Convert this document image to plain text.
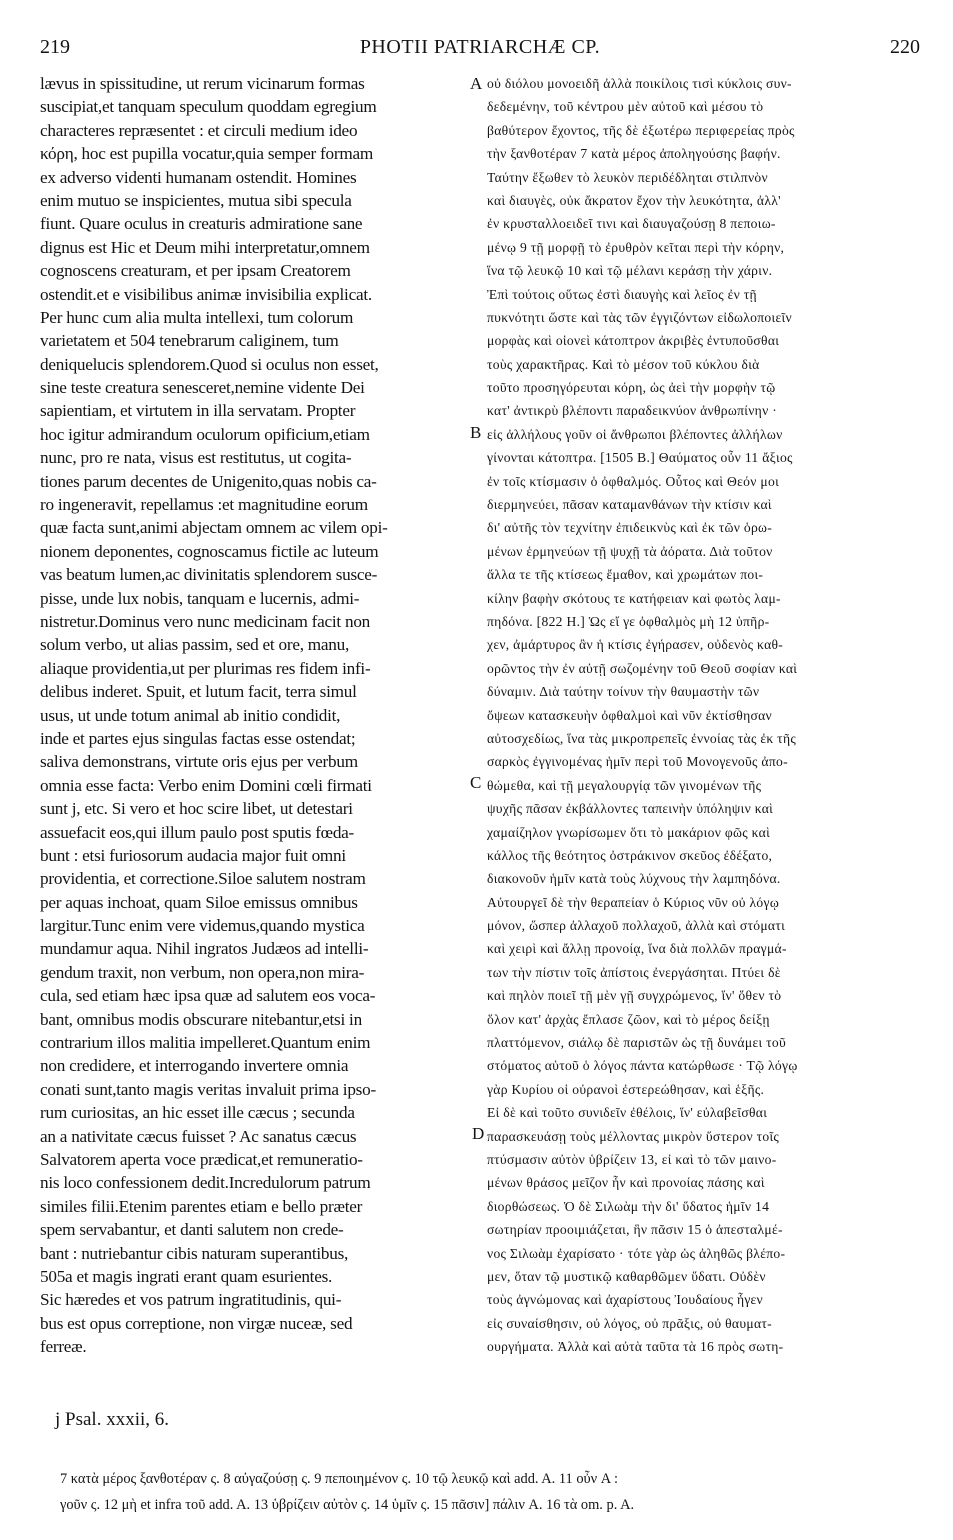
219	PHOTII PATRIARCHÆ CP.	220
lævus in spissitudine, ut rerum vicinarum formas
suscipiat,et tanquam speculum quoddam egregium
characteres repræsentet : et circuli medium ideo
κόρη, hoc est pupilla vocatur,quia semper formam
ex adverso videnti humanam ostendit. Homines
enim mutuo se inspicientes, mutua sibi specula
fiunt. Quare oculus in creaturis admiratione sane
dignus est Hic et Deum mihi interpretatur,omnem
cognoscens creaturam, et per ipsam Creatorem
ostendit.et e visibilibus animæ invisibilia explicat.
Per hunc cum alia multa intellexi, tum colorum
varietatem et 504 tenebrarum caliginem, tum
deniquelucis splendorem.Quod si oculus non esset,
sine teste creatura senesceret,nemine vidente Dei
sapientiam, et virtutem in illa servatam. Propter
hoc igitur admirandum oculorum opificium,etiam
nunc, pro re nata, visus est restitutus, ut cogita-
tiones parum decentes de Unigenito,quas nobis ca-
ro ingeneravit, repellamus :et magnitudine eorum
quæ facta sunt,animi abjectam omnem ac vilem opi-
nionem deponentes, cognoscamus fictile ac luteum
vas beatum lumen,ac divinitatis splendorem susce-
pisse, unde lux nobis, tanquam e lucernis, admi-
nistretur.Dominus vero nunc medicinam facit non
solum verbo, ut alias passim, sed et ore, manu,
aliaque providentia,ut per plurimas res fidem infi-
delibus inderet. Spuit, et lutum facit, terra simul
usus, ut unde totum animal ab initio condidit,
inde et partes ejus singulas factas esse ostendat;
saliva demonstrans, virtute oris ejus per verbum
omnia esse facta: Verbo enim Domini cœli firmati
sunt j, etc. Si vero et hoc scire libet, ut detestari
assuefacit eos,qui illum paulo post sputis fœda-
bunt : etsi furiosorum audacia major fuit omni
providentia, et correctione.Siloe salutem nostram
per aquas inchoat, quam Siloe emissus omnibus
largitur.Tunc enim vere videmus,quando mystica
mundamur aqua. Nihil ingratos Judæos ad intelli-
gendum traxit, non verbum, non opera,non mira-
cula, sed etiam hæc ipsa quæ ad salutem eos voca-
bant, omnibus modis obscurare nitebantur,etsi in
contrarium illos malitia impelleret.Quantum enim
non credidere, et interrogando invertere omnia
conati sunt,tanto magis veritas invaluit prima ipso-
rum curiositas, an hic esset ille cæcus ; secunda
an a nativitate cæcus fuisset ? Ac sanatus cæcus
Salvatorem aperta voce prædicat,et remuneratio-
nis loco confessionem dedit.Incredulorum patrum
similes filii.Etenim parentes etiam e bello præter
spem servabantur, et danti salutem non crede-
bant : nutriebantur cibis naturam superantibus,
505a et magis ingrati erant quam esurientes.
Sic hæredes et vos patrum ingratitudinis, qui-
bus est opus correptione, non virgæ nuceæ, sed
ferreæ.
οὐ διόλου μονοειδῆ ἀλλὰ ποικίλοις τισὶ κύκλοις συν-
δεδεμένην, τοῦ κέντρου μὲν αὐτοῦ καὶ μέσου τὸ
βαθύτερον ἔχοντος, τῆς δὲ ἐξωτέρω περιφερείας πρὸς
τὴν ξανθοτέραν 7 κατὰ μέρος ἀποληγούσης βαφήν.
Ταύτην ἔξωθεν τὸ λευκὸν περιδέδληται στιλπνὸν
καὶ διαυγὲς, οὐκ ἄκρατον ἔχον τὴν λευκότητα, ἀλλ'
ἐν κρυσταλλοειδεῖ τινι καὶ διαυγαζούσῃ 8 πεποιω-
μένῳ 9 τῇ μορφῇ τὸ ἐρυθρὸν κεῖται περὶ τὴν κόρην,
ἵνα τῷ λευκῷ 10 καὶ τῷ μέλανι κεράσῃ τὴν χάριν.
Ἐπὶ τούτοις οὕτως ἐστὶ διαυγὴς καὶ λεῖος ἐν τῇ
πυκνότητι ὥστε καὶ τὰς τῶν ἐγγιζόντων εἰδωλοποιεῖν
μορφὰς καὶ οἱονεὶ κάτοπτρον ἀκριβὲς ἐντυποῦσθαι
τοὺς χαρακτῆρας. Καὶ τὸ μέσον τοῦ κύκλου διὰ
τοῦτο προσηγόρευται κόρη, ὡς ἀεὶ τὴν μορφὴν τῷ
κατ' ἀντικρὺ βλέποντι παραδεικνύον ἀνθρωπίνην ·
εἰς ἀλλήλους γοῦν οἱ ἄνθρωποι βλέποντες ἀλλήλων
γίνονται κάτοπτρα. [1505 B.] Θαύματος οὖν 11 ἄξιος
ἐν τοῖς κτίσμασιν ὁ ὀφθαλμός. Οὗτος καὶ Θεόν μοι
διερμηνεύει, πᾶσαν καταμανθάνων τὴν κτίσιν καὶ
δι' αὐτῆς τὸν τεχνίτην ἐπιδεικνὺς καὶ ἐκ τῶν ὁρω-
μένων ἑρμηνεύων τῇ ψυχῇ τὰ ἀόρατα. Διὰ τοῦτον
ἄλλα τε τῆς κτίσεως ἔμαθον, καὶ χρωμάτων ποι-
κίλην βαφὴν σκότους τε κατήφειαν καὶ φωτὸς λαμ-
πηδόνα. [822 H.] Ὡς εἴ γε ὀφθαλμὸς μὴ 12 ὑπῆρ-
χεν, ἀμάρτυρος ἂν ἡ κτίσις ἐγήρασεν, οὐδενὸς καθ-
ορῶντος τὴν ἐν αὐτῇ σωζομένην τοῦ Θεοῦ σοφίαν καὶ
δύναμιν. Διὰ ταύτην τοίνυν τὴν θαυμαστὴν τῶν
ὄψεων κατασκευὴν ὀφθαλμοὶ καὶ νῦν ἐκτίσθησαν
αὐτοσχεδίως, ἵνα τὰς μικροπρεπεῖς ἐννοίας τὰς ἐκ τῆς
σαρκὸς ἐγγινομένας ἡμῖν περὶ τοῦ Μονογενοῦς ἀπο-
θώμεθα, καὶ τῇ μεγαλουργίᾳ τῶν γινομένων τῆς
ψυχῆς πᾶσαν ἐκβάλλοντες ταπεινὴν ὑπόληψιν καὶ
χαμαίζηλον γνωρίσωμεν ὅτι τὸ μακάριον φῶς καὶ
κάλλος τῆς θεότητος ὀστράκινον σκεῦος ἐδέξατο,
διακονοῦν ἡμῖν κατὰ τοὺς λύχνους τὴν λαμπηδόνα.
Αὐτουργεῖ δὲ τὴν θεραπείαν ὁ Κύριος νῦν οὐ λόγῳ
μόνον, ὥσπερ ἀλλαχοῦ πολλαχοῦ, ἀλλὰ καὶ στόματι
καὶ χειρὶ καὶ ἄλλῃ προνοίᾳ, ἵνα διὰ πολλῶν πραγμά-
των τὴν πίστιν τοῖς ἀπίστοις ἐνεργάσηται. Πτύει δὲ
καὶ πηλὸν ποιεῖ τῇ μὲν γῇ συγχρώμενος, ἵν' ὅθεν τὸ
ὅλον κατ' ἀρχὰς ἔπλασε ζῶον, καὶ τὸ μέρος δείξῃ
πλαττόμενον, σιάλῳ δὲ παριστῶν ὡς τῇ δυνάμει τοῦ
στόματος αὐτοῦ ὁ λόγος πάντα κατώρθωσε · Τῷ λόγῳ
γὰρ Κυρίου οἱ οὐρανοὶ ἐστερεώθησαν, καὶ ἑξῆς.
Εἰ δὲ καὶ τοῦτο συνιδεῖν ἐθέλοις, ἵν' εὐλαβεῖσθαι
παρασκευάσῃ τοὺς μέλλοντας μικρὸν ὕστερον τοῖς
πτύσμασιν αὐτὸν ὑβρίζειν 13, εἰ καὶ τὸ τῶν μαινο-
μένων θράσος μεῖζον ἦν καὶ προνοίας πάσης καὶ
διορθώσεως. Ὁ δὲ Σιλωὰμ τὴν δι' ὕδατος ἡμῖν 14
σωτηρίαν προοιμιάζεται, ἣν πᾶσιν 15 ὁ ἀπεσταλμέ-
νος Σιλωὰμ ἐχαρίσατο · τότε γὰρ ὡς ἀληθῶς βλέπο-
μεν, ὅταν τῷ μυστικῷ καθαρθῶμεν ὕδατι. Οὐδὲν
τοὺς ἀγνώμονας καὶ ἀχαρίστους Ἰουδαίους ἦγεν
εἰς συναίσθησιν, οὐ λόγος, οὐ πρᾶξις, οὐ θαυματ-
ουργήματα. Ἀλλὰ καὶ αὐτὰ ταῦτα τὰ 16 πρὸς σωτη-
A
B
C
D
j Psal. xxxii, 6.
7 κατὰ μέρος ξανθοτέραν ς. 8 αὐγαζούσῃ ς. 9 πεποιημένον ς. 10 τῷ λευκῷ καὶ add. A. 11 οὖν A :
γοῦν ς. 12 μὴ et infra τοῦ add. A. 13 ὑβρίζειν αὐτὸν ς. 14 ὑμῖν ς. 15 πᾶσιν] πάλιν A. 16 τὰ om. p. A.
